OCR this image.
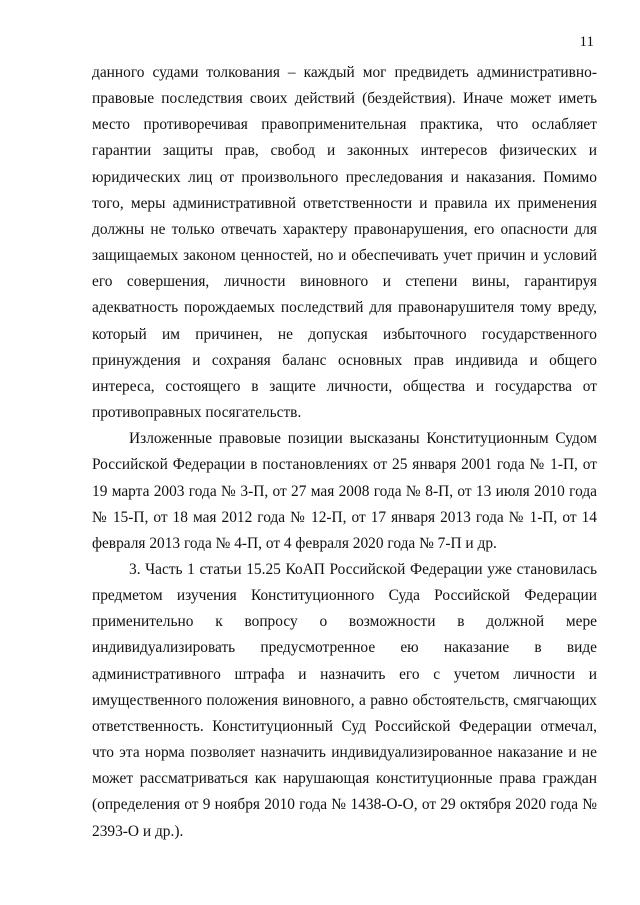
11

данного судами толкования – каждый мог предвидеть административно-правовые последствия своих действий (бездействия). Иначе может иметь место противоречивая правоприменительная практика, что ослабляет гарантии защиты прав, свобод и законных интересов физических и юридических лиц от произвольного преследования и наказания. Помимо того, меры административной ответственности и правила их применения должны не только отвечать характеру правонарушения, его опасности для защищаемых законом ценностей, но и обеспечивать учет причин и условий его совершения, личности виновного и степени вины, гарантируя адекватность порождаемых последствий для правонарушителя тому вреду, который им причинен, не допуская избыточного государственного принуждения и сохраняя баланс основных прав индивида и общего интереса, состоящего в защите личности, общества и государства от противоправных посягательств.

Изложенные правовые позиции высказаны Конституционным Судом Российской Федерации в постановлениях от 25 января 2001 года № 1-П, от 19 марта 2003 года № 3-П, от 27 мая 2008 года № 8-П, от 13 июля 2010 года № 15-П, от 18 мая 2012 года № 12-П, от 17 января 2013 года № 1-П, от 14 февраля 2013 года № 4-П, от 4 февраля 2020 года № 7-П и др.

3. Часть 1 статьи 15.25 КоАП Российской Федерации уже становилась предметом изучения Конституционного Суда Российской Федерации применительно к вопросу о возможности в должной мере индивидуализировать предусмотренное ею наказание в виде административного штрафа и назначить его с учетом личности и имущественного положения виновного, а равно обстоятельств, смягчающих ответственность. Конституционный Суд Российской Федерации отмечал, что эта норма позволяет назначить индивидуализированное наказание и не может рассматриваться как нарушающая конституционные права граждан (определения от 9 ноября 2010 года № 1438-О-О, от 29 октября 2020 года № 2393-О и др.).
